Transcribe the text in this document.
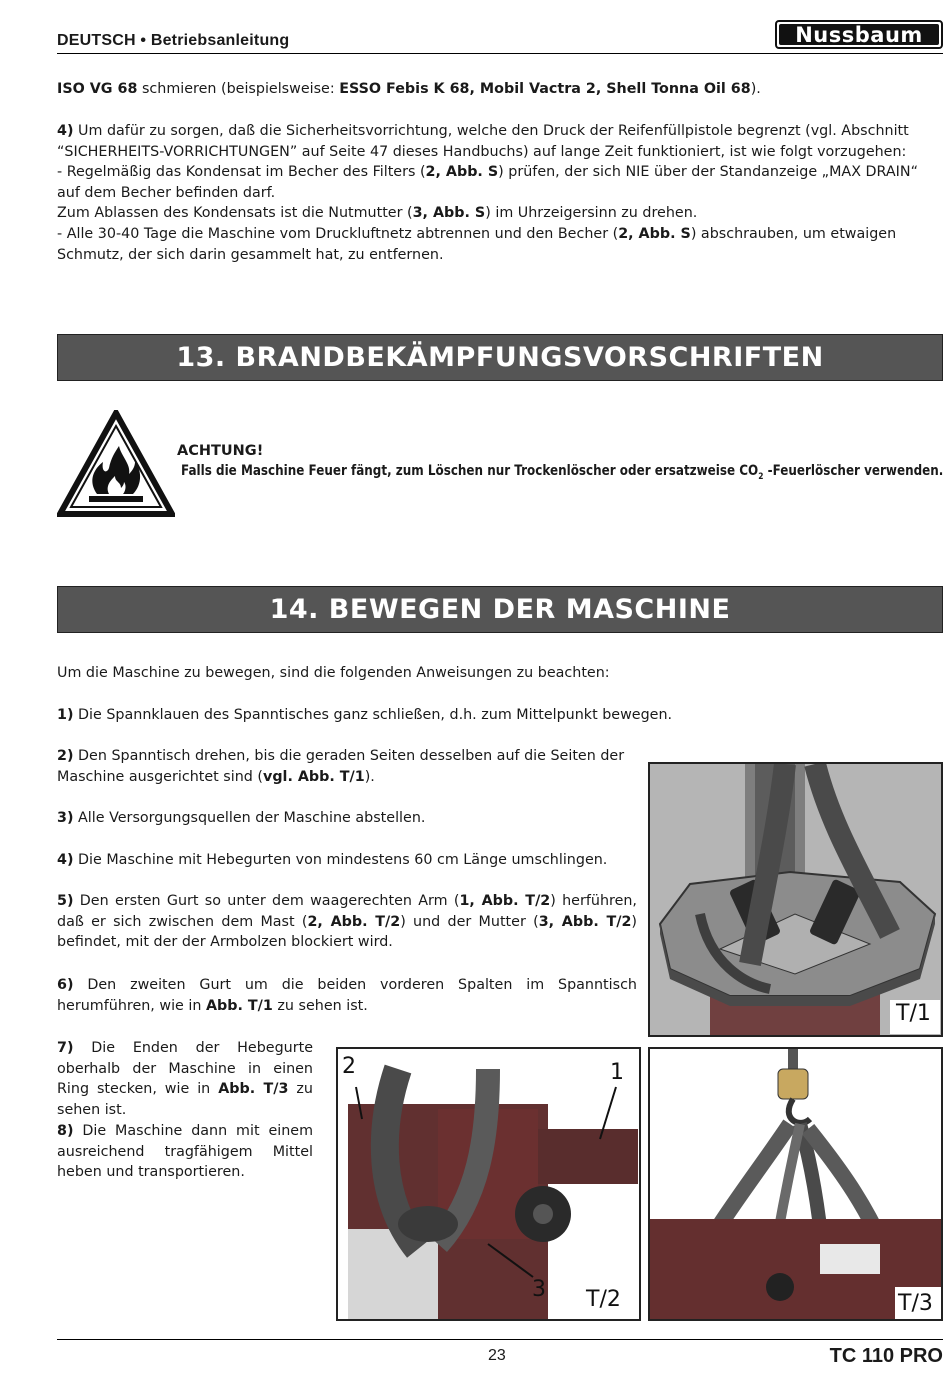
DEUTSCH • Betriebsanleitung	Nussbaum
ISO VG 68 schmieren (beispielsweise: ESSO Febis K 68, Mobil Vactra 2, Shell Tonna Oil 68).
4) Um dafür zu sorgen, daß die Sicherheitsvorrichtung, welche den Druck der Reifenfüllpistole begrenzt (vgl. Abschnitt “SICHERHEITS-VORRICHTUNGEN” auf Seite 47 dieses Handbuchs) auf lange Zeit funktioniert, ist wie folgt vorzugehen:
- Regelmäßig das Kondensat im Becher des Filters (2, Abb. S) prüfen, der sich NIE über der Standanzeige „MAX DRAIN“ auf dem Becher befinden darf.
Zum Ablassen des Kondensats ist die Nutmutter (3, Abb. S) im Uhrzeigersinn zu drehen.
- Alle 30-40 Tage die Maschine vom Druckluftnetz abtrennen und den Becher (2, Abb. S) abschrauben, um etwaigen Schmutz, der sich darin gesammelt hat, zu entfernen.
13. BRANDBEKÄMPFUNGSVORSCHRIFTEN
ACHTUNG!
Falls die Maschine Feuer fängt, zum Löschen nur Trockenlöscher oder ersatzweise $CO_2$ -Feuerlöscher verwenden.
14. BEWEGEN DER MASCHINE
Um die Maschine zu bewegen, sind die folgenden Anweisungen zu beachten:
1) Die Spannklauen des Spanntisches ganz schließen, d.h. zum Mittelpunkt bewegen.
2) Den Spanntisch drehen, bis die geraden Seiten desselben auf die Seiten der Maschine ausgerichtet sind (vgl. Abb. T/1).
3) Alle Versorgungsquellen der Maschine abstellen.
4) Die Maschine mit Hebegurten von mindestens 60 cm Länge umschlingen.
5) Den ersten Gurt so unter dem waagerechten Arm (1, Abb. T/2) herführen, daß er sich zwischen dem Mast (2, Abb. T/2) und der Mutter (3, Abb. T/2) befindet, mit der der Armbolzen blockiert wird.
6) Den zweiten Gurt um die beiden vorderen Spalten im Spanntisch herumführen, wie in Abb. T/1 zu sehen ist.
7) Die Enden der Hebegurte oberhalb der Maschine in einen Ring stecken, wie in Abb. T/3 zu sehen ist.
8) Die Maschine dann mit einem ausreichend tragfähigem Mittel heben und transportieren.
T/1
2	1
3 T/2	T/3
23	TC 110 PRO
